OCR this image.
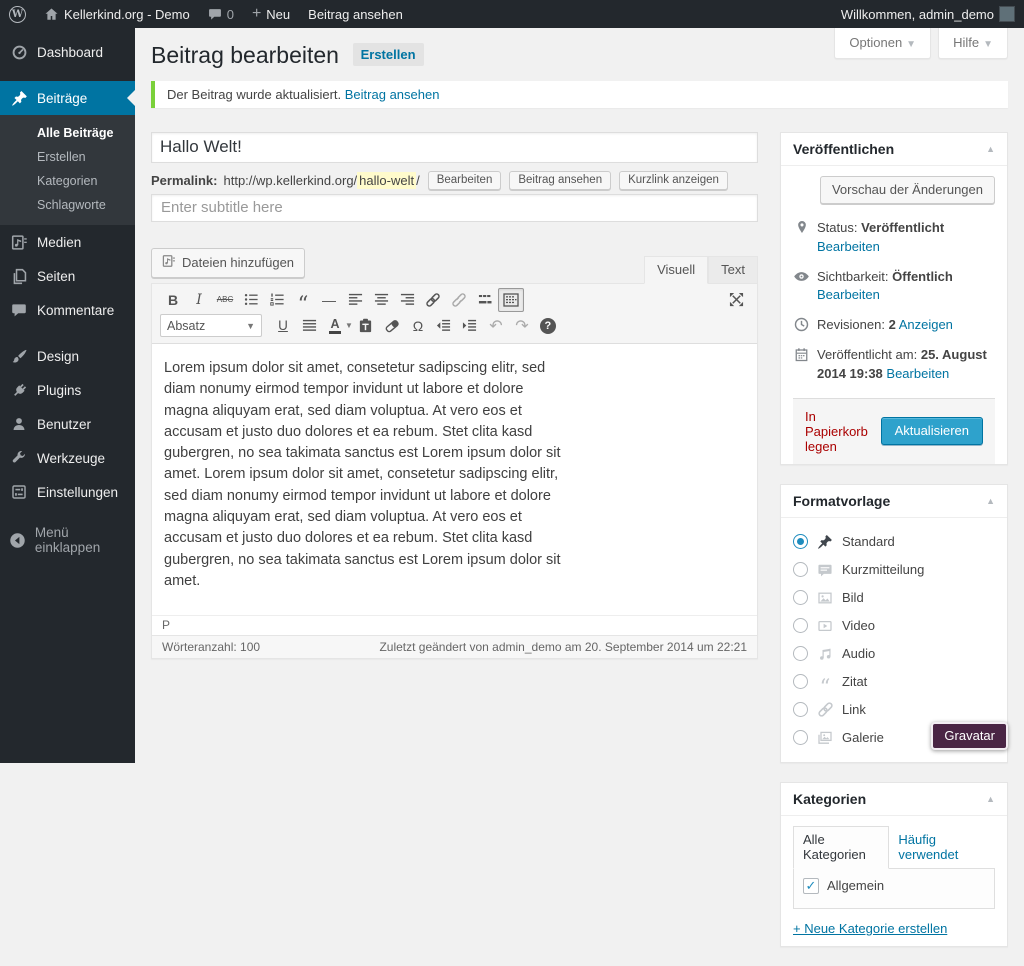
W	Kellerkind.org - Demo	0 + Neu Beitrag ansehen	Willkommen, admin_demo
Dashboard
Beiträge
Alle Beiträge
Erstellen
Kategorien
Schlagworte
Medien
Seiten
Kommentare
Design
Plugins
Benutzer
Werkzeuge
Einstellungen
Menü einklappen
Optionen ▼	Hilfe ▼
Beitrag bearbeiten Erstellen
Der Beitrag wurde aktualisiert. Beitrag ansehen
Hallo Welt!
Permalink: http://wp.kellerkind.org/ hallo-welt /	Bearbeiten	Beitrag ansehen	Kurzlink anzeigen
Enter subtitle here
Dateien hinzufügen	Visuell	Text
B	I	ABC	“ —
Absatz	▼	U	A ▼	Ω	↶ ↷	?

Lorem ipsum dolor sit amet, consetetur sadipscing elitr, sed diam nonumy eirmod tempor invidunt ut labore et dolore magna aliquyam erat, sed diam voluptua. At vero eos et accusam et justo duo dolores et ea rebum. Stet clita kasd gubergren, no sea takimata sanctus est Lorem ipsum dolor sit amet. Lorem ipsum dolor sit amet, consetetur sadipscing elitr, sed diam nonumy eirmod tempor invidunt ut labore et dolore magna aliquyam erat, sed diam voluptua. At vero eos et accusam et justo duo dolores et ea rebum. Stet clita kasd gubergren, no sea takimata sanctus est Lorem ipsum dolor sit amet.

P
Wörteranzahl: 100	Zuletzt geändert von admin_demo am 20. September 2014 um 22:21
Veröffentlichen	▲
Vorschau der Änderungen
Status: Veröffentlicht Bearbeiten
Sichtbarkeit: Öffentlich Bearbeiten
Revisionen: 2 Anzeigen
Veröffentlicht am: 25. August 2014 19:38 Bearbeiten
In Papierkorb legen
Aktualisieren
Formatvorlage	▲
Standard
Kurzmitteilung
Bild
Video
Audio
“ Zitat
Link
Galerie
Kategorien	▲
Alle Kategorien
Häufig verwendet
✓ Allgemein
+ Neue Kategorie erstellen
Gravatar
